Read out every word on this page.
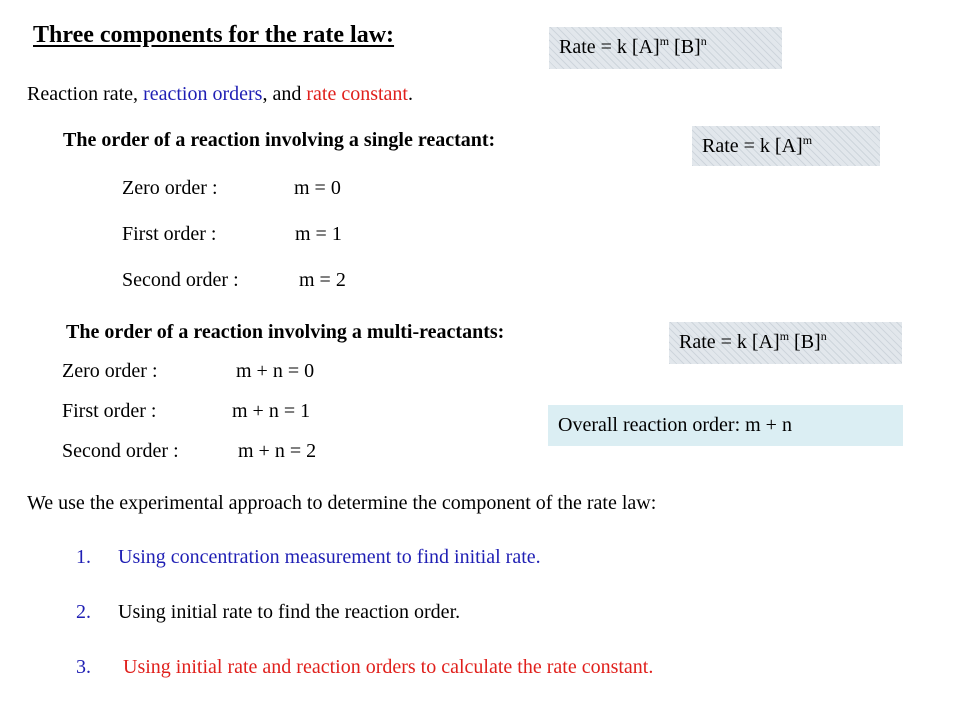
Three components for the rate law:	Rate = k $[A]^m$ $[B]^n$
Reaction rate, reaction orders, and rate constant.
The order of a reaction involving a single reactant:	Rate = k $[A]^m$
Zero order :	m = 0
First order :	m = 1
Second order :	m = 2
The order of a reaction involving a multi-reactants:	Rate = k $[A]^m$ $[B]^n$
Zero order :	m + n = 0
First order :	m + n = 1
Second order :	m + n = 2
Overall reaction order: m + n
We use the experimental approach to determine the component of the rate law:
1. Using concentration measurement to find initial rate.
2. Using initial rate to find the reaction order.
3. Using initial rate and reaction orders to calculate the rate constant.
